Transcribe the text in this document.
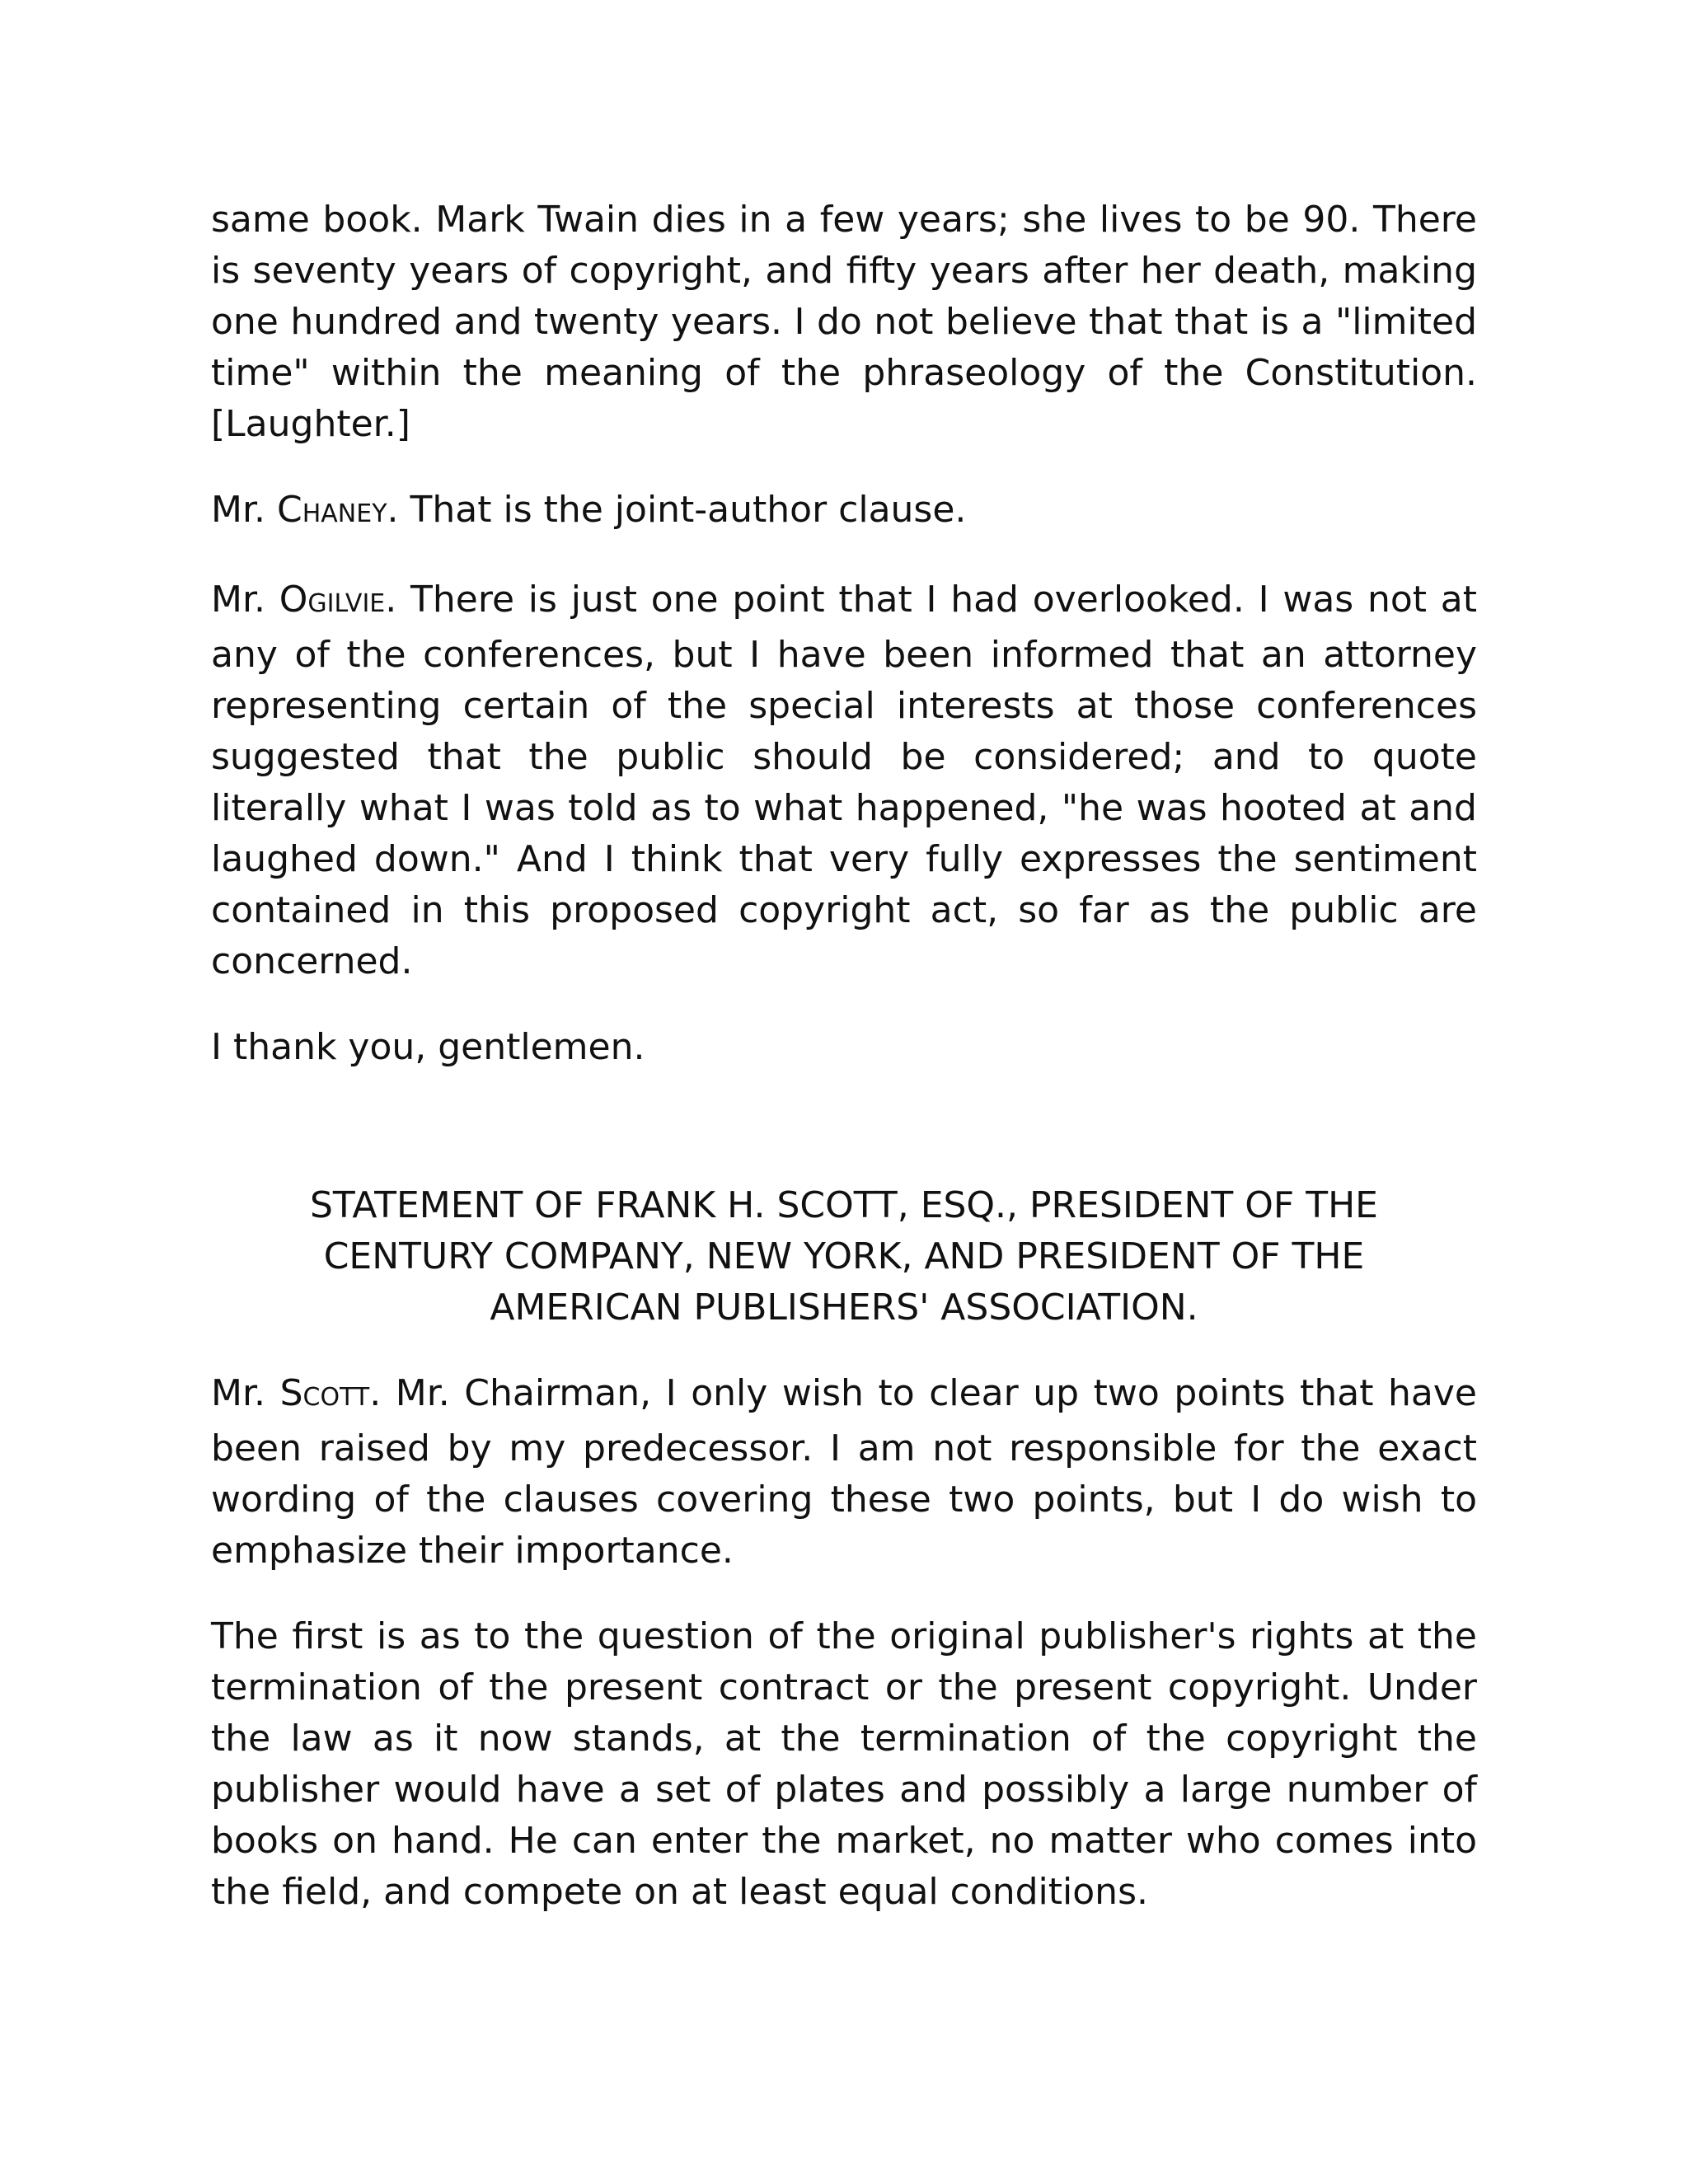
same book. Mark Twain dies in a few years; she lives to be 90. There is seventy years of copyright, and fifty years after her death, making one hundred and twenty years. I do not believe that that is a "limited time" within the meaning of the phraseology of the Constitution. [Laughter.]

Mr. CHANEY. That is the joint-author clause.

Mr. OGILVIE. There is just one point that I had overlooked. I was not at any of the conferences, but I have been informed that an attorney representing certain of the special interests at those conferences suggested that the public should be considered; and to quote literally what I was told as to what happened, "he was hooted at and laughed down." And I think that very fully expresses the sentiment contained in this proposed copyright act, so far as the public are concerned.

I thank you, gentlemen.

STATEMENT OF FRANK H. SCOTT, ESQ., PRESIDENT OF THE CENTURY COMPANY, NEW YORK, AND PRESIDENT OF THE AMERICAN PUBLISHERS' ASSOCIATION.

Mr. SCOTT. Mr. Chairman, I only wish to clear up two points that have been raised by my predecessor. I am not responsible for the exact wording of the clauses covering these two points, but I do wish to emphasize their importance.

The first is as to the question of the original publisher's rights at the termination of the present contract or the present copyright. Under the law as it now stands, at the termination of the copyright the publisher would have a set of plates and possibly a large number of books on hand. He can enter the market, no matter who comes into the field, and compete on at least equal conditions.
